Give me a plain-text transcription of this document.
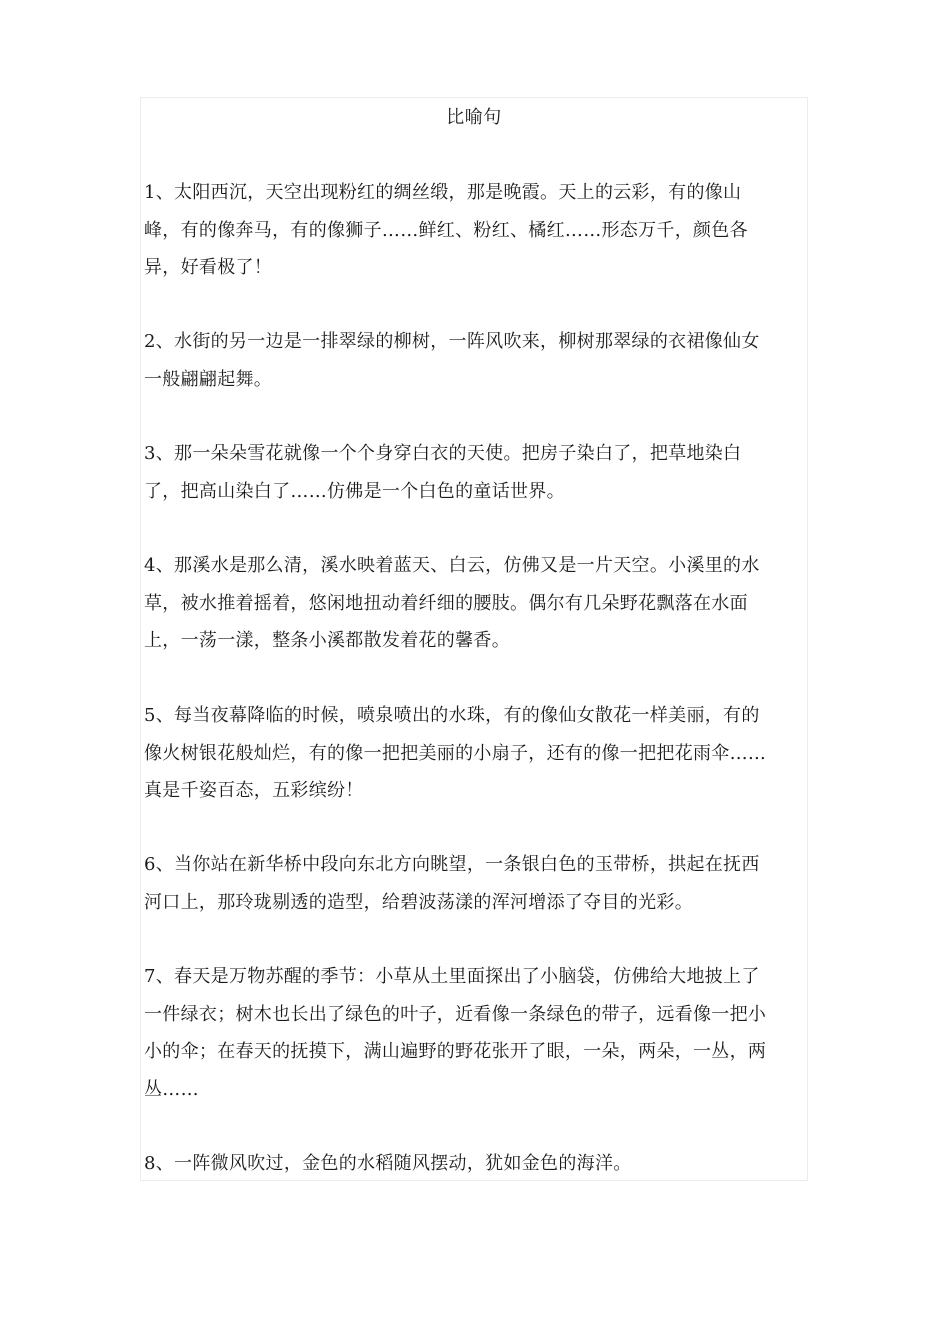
比喻句

1、太阳西沉，天空出现粉红的绸丝缎，那是晚霞。天上的云彩，有的像山峰，有的像奔马，有的像狮子……鲜红、粉红、橘红……形态万千，颜色各异，好看极了！

2、水街的另一边是一排翠绿的柳树，一阵风吹来，柳树那翠绿的衣裙像仙女一般翩翩起舞。

3、那一朵朵雪花就像一个个身穿白衣的天使。把房子染白了，把草地染白了，把高山染白了……仿佛是一个白色的童话世界。

4、那溪水是那么清，溪水映着蓝天、白云，仿佛又是一片天空。小溪里的水草，被水推着摇着，悠闲地扭动着纤细的腰肢。偶尔有几朵野花飘落在水面上，一荡一漾，整条小溪都散发着花的馨香。

5、每当夜幕降临的时候，喷泉喷出的水珠，有的像仙女散花一样美丽，有的像火树银花般灿烂，有的像一把把美丽的小扇子，还有的像一把把花雨伞……真是千姿百态，五彩缤纷！

6、当你站在新华桥中段向东北方向眺望，一条银白色的玉带桥，拱起在抚西河口上，那玲珑剔透的造型，给碧波荡漾的浑河增添了夺目的光彩。

7、春天是万物苏醒的季节：小草从土里面探出了小脑袋，仿佛给大地披上了一件绿衣；树木也长出了绿色的叶子，近看像一条绿色的带子，远看像一把小小的伞；在春天的抚摸下，满山遍野的野花张开了眼，一朵，两朵，一丛，两丛……

8、一阵微风吹过，金色的水稻随风摆动，犹如金色的海洋。
